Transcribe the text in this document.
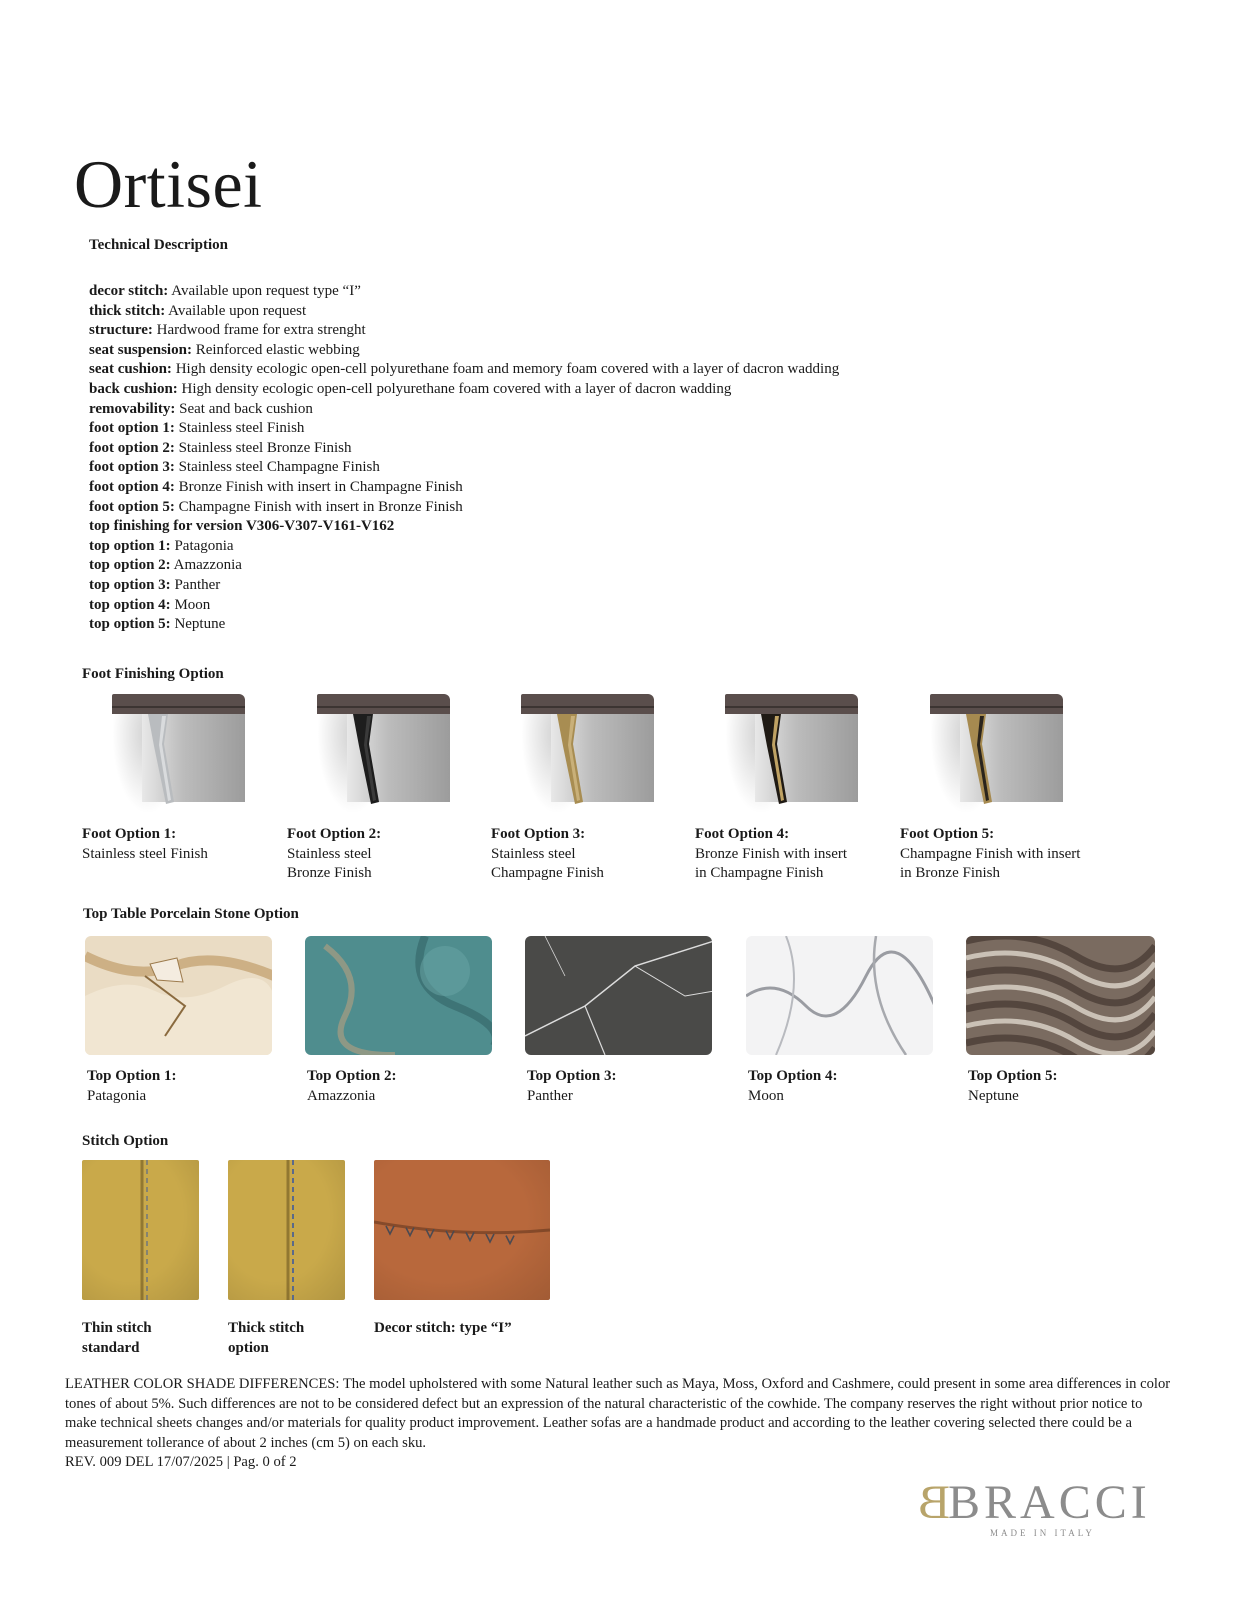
Ortisei
Technical Description
decor stitch: Available upon request type “I”
thick stitch: Available upon request
structure: Hardwood frame for extra strenght
seat suspension: Reinforced elastic webbing
seat cushion: High density ecologic open-cell polyurethane foam and memory foam covered with a layer of dacron wadding
back cushion: High density ecologic open-cell polyurethane foam covered with a layer of dacron wadding
removability: Seat and back cushion
foot option 1: Stainless steel Finish
foot option 2: Stainless steel Bronze Finish
foot option 3: Stainless steel Champagne Finish
foot option 4: Bronze Finish with insert in Champagne Finish
foot option 5: Champagne Finish with insert in Bronze Finish
top finishing for version V306-V307-V161-V162
top option 1: Patagonia
top option 2: Amazzonia
top option 3: Panther
top option 4: Moon
top option 5: Neptune
Foot Finishing Option
Foot Option 1:
Stainless steel Finish

Foot Option 2:
Stainless steel
Bronze Finish
Foot Option 3:
Stainless steel
Champagne Finish
Foot Option 4:
Bronze Finish with insert
in Champagne Finish
Foot Option 5:
Champagne Finish with insert
in Bronze Finish
Top Table Porcelain Stone Option
Top Option 1:
Patagonia
Top Option 2:
Amazzonia
Top Option 3:
Panther
Top Option 4:
Moon
Top Option 5:
Neptune
Stitch Option
Thin stitch
standard
Thick stitch
option
Decor stitch: type “I”

LEATHER COLOR SHADE DIFFERENCES: The model upholstered with some Natural leather such as Maya, Moss, Oxford and Cashmere, could present in some area differences in color tones of about 5%. Such differences are not to be considered defect but an expression of the natural characteristic of the cowhide. The company reserves the right without prior notice to make technical sheets changes and/or materials for quality product improvement. Leather sofas are a handmade product and according to the leather covering selected there could be a measurement tollerance of about 2 inches (cm 5) on each sku.
REV. 009 DEL 17/07/2025 | Pag. 0 of 2
B
BRACCI
MADE IN ITALY
